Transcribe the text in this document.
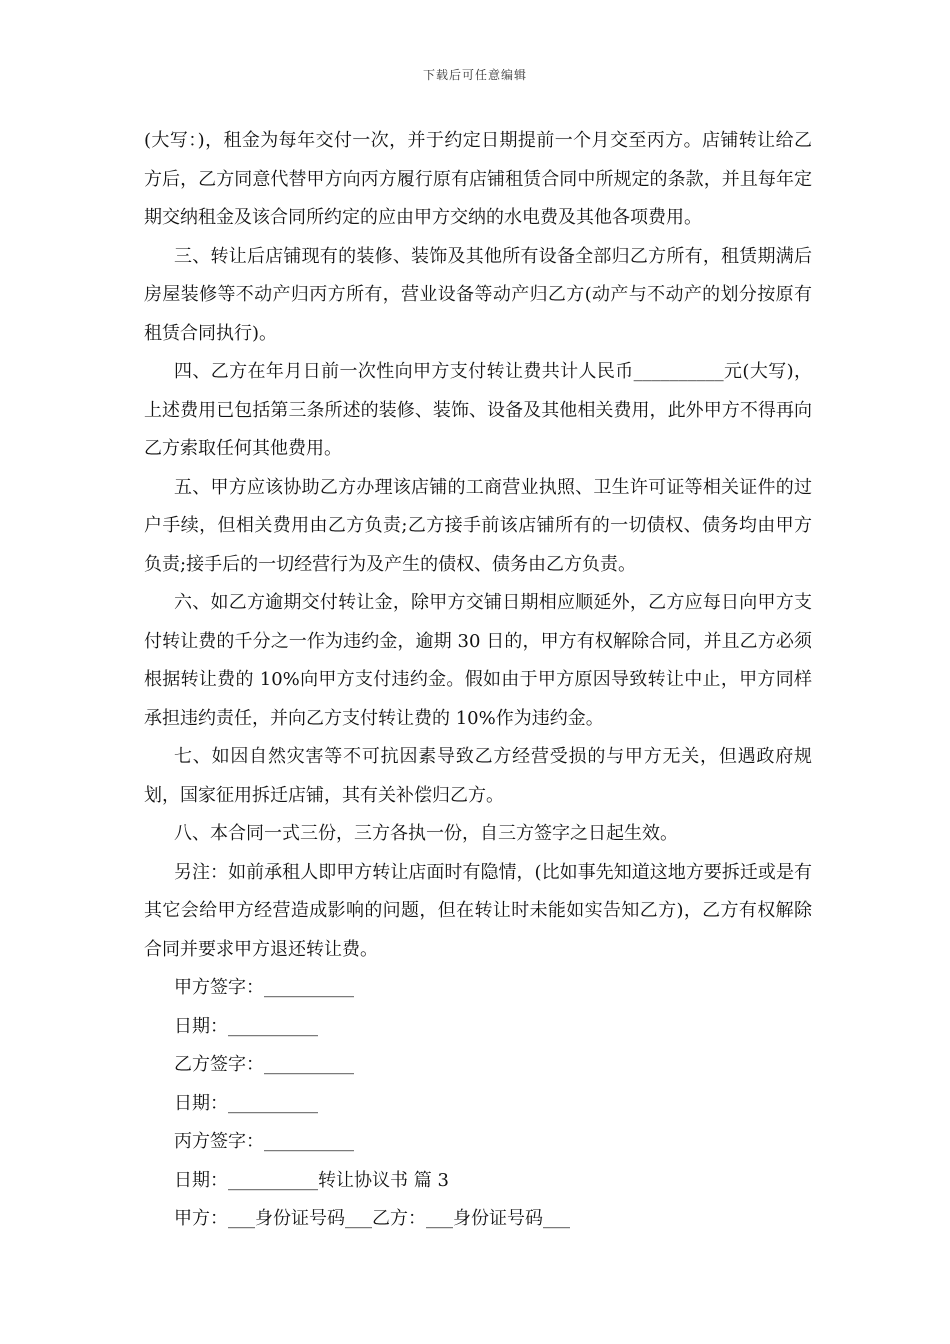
下载后可任意编辑

(大写：)，租金为每年交付一次，并于约定日期提前一个月交至丙方。店铺转让给乙方后，乙方同意代替甲方向丙方履行原有店铺租赁合同中所规定的条款，并且每年定期交纳租金及该合同所约定的应由甲方交纳的水电费及其他各项费用。

三、转让后店铺现有的装修、装饰及其他所有设备全部归乙方所有，租赁期满后房屋装修等不动产归丙方所有，营业设备等动产归乙方(动产与不动产的划分按原有租赁合同执行)。

四、乙方在年月日前一次性向甲方支付转让费共计人民币__________元(大写)，上述费用已包括第三条所述的装修、装饰、设备及其他相关费用，此外甲方不得再向乙方索取任何其他费用。

五、甲方应该协助乙方办理该店铺的工商营业执照、卫生许可证等相关证件的过户手续，但相关费用由乙方负责;乙方接手前该店铺所有的一切债权、债务均由甲方负责;接手后的一切经营行为及产生的债权、债务由乙方负责。

六、如乙方逾期交付转让金，除甲方交铺日期相应顺延外，乙方应每日向甲方支付转让费的千分之一作为违约金，逾期 30 日的，甲方有权解除合同，并且乙方必须根据转让费的 10%向甲方支付违约金。假如由于甲方原因导致转让中止，甲方同样承担违约责任，并向乙方支付转让费的 10%作为违约金。

七、如因自然灾害等不可抗因素导致乙方经营受损的与甲方无关，但遇政府规划，国家征用拆迁店铺，其有关补偿归乙方。

八、本合同一式三份，三方各执一份，自三方签字之日起生效。

另注：如前承租人即甲方转让店面时有隐情，(比如事先知道这地方要拆迁或是有其它会给甲方经营造成影响的问题，但在转让时未能如实告知乙方)，乙方有权解除合同并要求甲方退还转让费。

甲方签字：__________

日期：__________

乙方签字：__________

日期：__________

丙方签字：__________

日期：__________转让协议书 篇 3

甲方：___身份证号码___乙方：___身份证号码___
